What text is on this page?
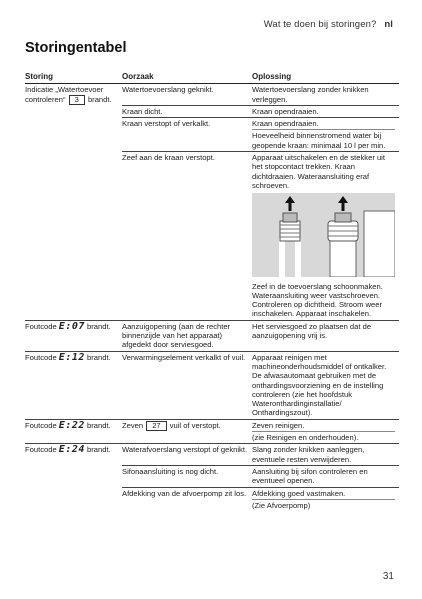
Wat te doen bij storingen? nl
Storingentabel
Storing	Oorzaak	Oplossing
Indicatie „Watertoevoer controleren“ 3 brandt.	Watertoevoerslang geknikt.	Watertoevoerslang zonder knikken verleggen.
	Kraan dicht.	Kraan opendraaien.
	Kraan verstopt of verkalkt.	Kraan opendraaien.
Hoeveelheid binnenstromend water bij geopende kraan: minimaal 10 l per min.

	Zeef aan de kraan verstopt.	Apparaat uitschakelen en de stekker uit het stopcontact trekken. Kraan dichtdraaien. Wateraansluiting eraf schroeven.  Zeef in de toevoerslang schoonmaken. Wateraansluiting weer vastschroeven. Controleren op dichtheid. Stroom weer inschakelen. Apparaat inschakelen.
Foutcode E:07 brandt.	Aanzuigopening (aan de rechter binnenzijde van het apparaat) afgedekt door serviesgoed.	Het serviesgoed zo plaatsen dat de aanzuigopening vrij is.
Foutcode E:12 brandt.	Verwarmingselement verkalkt of vuil.	Apparaat reinigen met machineonderhoudsmiddel of ontkalker. De afwasautomaat gebruiken met de onthardingsvoorziening en de instelling controleren (zie het hoofdstuk Wateronthardinginstallatie/ Onthardingszout).
Foutcode E:22 brandt.	Zeven 27 vuil of verstopt.	Zeven reinigen.
(zie Reinigen en onderhouden).

Foutcode E:24 brandt.	Waterafvoerslang verstopt of geknikt.	Slang zonder knikken aanleggen, eventuele resten verwijderen.
	Sifonaansluiting is nog dicht.	Aansluiting bij sifon controleren en eventueel openen.
	Afdekking van de afvoerpomp zit los.	Afdekking goed vastmaken.
(Zie Afvoerpomp)
31
